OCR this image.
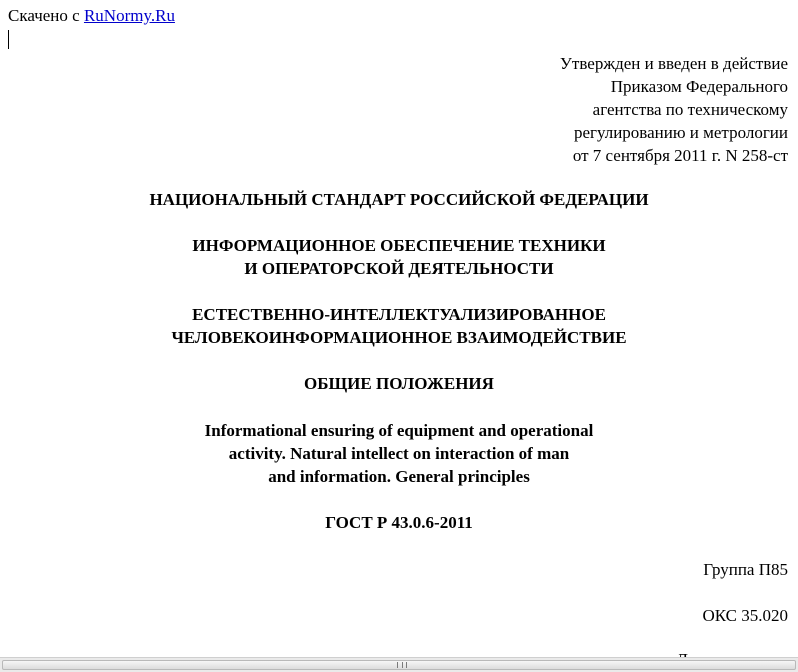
Скачено с RuNormy.Ru
Утвержден и введен в действие
Приказом Федерального
агентства по техническому
регулированию и метрологии
от 7 сентября 2011 г. N 258-ст
НАЦИОНАЛЬНЫЙ СТАНДАРТ РОССИЙСКОЙ ФЕДЕРАЦИИ
ИНФОРМАЦИОННОЕ ОБЕСПЕЧЕНИЕ ТЕХНИКИ
И ОПЕРАТОРСКОЙ ДЕЯТЕЛЬНОСТИ
ЕСТЕСТВЕННО-ИНТЕЛЛЕКТУАЛИЗИРОВАННОЕ
ЧЕЛОВЕКОИНФОРМАЦИОННОЕ ВЗАИМОДЕЙСТВИЕ
ОБЩИЕ ПОЛОЖЕНИЯ
Informational ensuring of equipment and operational
activity. Natural intellect on interaction of man
and information. General principles
ГОСТ Р 43.0.6-2011
Группа П85
ОКС 35.020
